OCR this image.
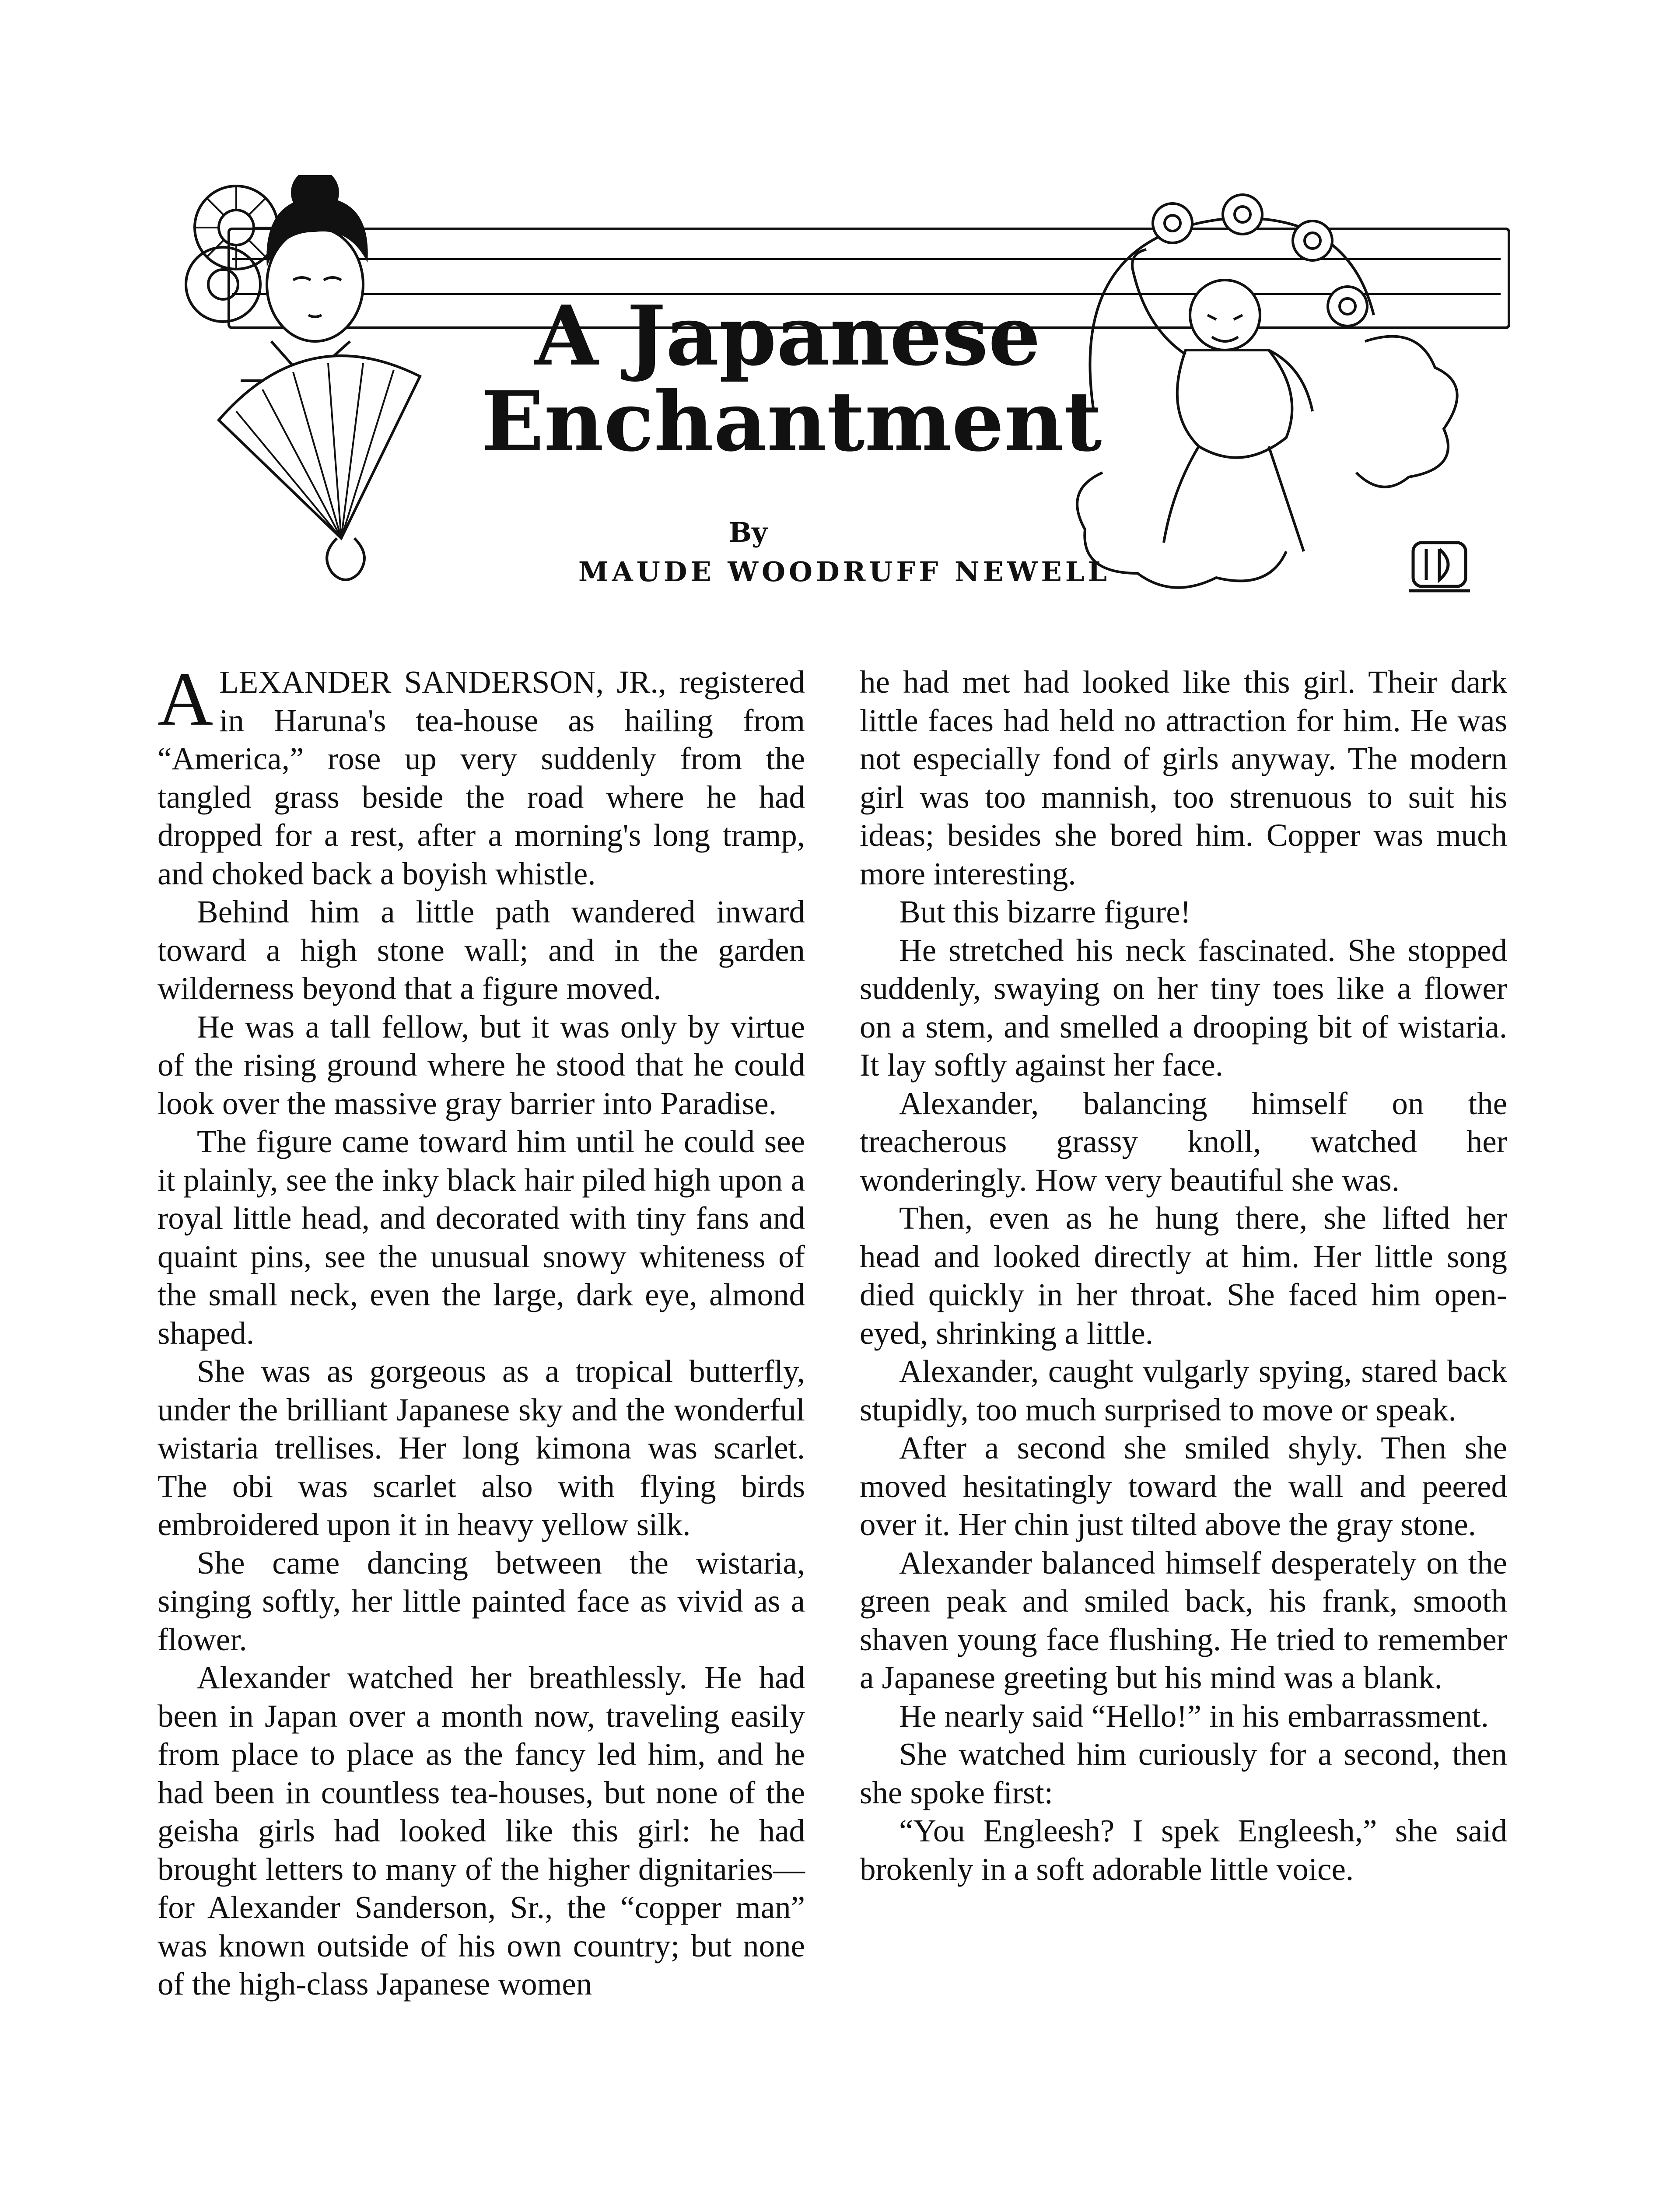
A Japanese
Enchantment
By
MAUDE WOODRUFF NEWELL

ALEXANDER SANDERSON, JR., registered in Haruna's tea-house as hailing from “America,” rose up very suddenly from the tangled grass beside the road where he had dropped for a rest, after a morning's long tramp, and choked back a boyish whistle.

Behind him a little path wandered inward toward a high stone wall; and in the garden wilderness beyond that a figure moved.

He was a tall fellow, but it was only by virtue of the rising ground where he stood that he could look over the massive gray barrier into Paradise.

The figure came toward him until he could see it plainly, see the inky black hair piled high upon a royal little head, and decorated with tiny fans and quaint pins, see the unusual snowy whiteness of the small neck, even the large, dark eye, almond shaped.

She was as gorgeous as a tropical butterfly, under the brilliant Japanese sky and the wonderful wistaria trellises. Her long kimona was scarlet. The obi was scarlet also with flying birds embroidered upon it in heavy yellow silk.

She came dancing between the wistaria, singing softly, her little painted face as vivid as a flower.

Alexander watched her breathlessly. He had been in Japan over a month now, traveling easily from place to place as the fancy led him, and he had been in countless tea-houses, but none of the geisha girls had looked like this girl: he had brought letters to many of the higher dignitaries—for Alexander Sanderson, Sr., the “copper man” was known outside of his own country; but none of the high-class Japanese women

he had met had looked like this girl. Their dark little faces had held no attraction for him. He was not especially fond of girls anyway. The modern girl was too mannish, too strenuous to suit his ideas; besides she bored him. Copper was much more interesting.

But this bizarre figure!

He stretched his neck fascinated. She stopped suddenly, swaying on her tiny toes like a flower on a stem, and smelled a drooping bit of wistaria. It lay softly against her face.

Alexander, balancing himself on the treacherous grassy knoll, watched her wonderingly. How very beautiful she was.

Then, even as he hung there, she lifted her head and looked directly at him. Her little song died quickly in her throat. She faced him open-eyed, shrinking a little.

Alexander, caught vulgarly spying, stared back stupidly, too much surprised to move or speak.

After a second she smiled shyly. Then she moved hesitatingly toward the wall and peered over it. Her chin just tilted above the gray stone.

Alexander balanced himself desperately on the green peak and smiled back, his frank, smooth shaven young face flushing. He tried to remember a Japanese greeting but his mind was a blank.

He nearly said “Hello!” in his embarrassment.

She watched him curiously for a second, then she spoke first:

“You Engleesh? I spek Engleesh,” she said brokenly in a soft adorable little voice.
